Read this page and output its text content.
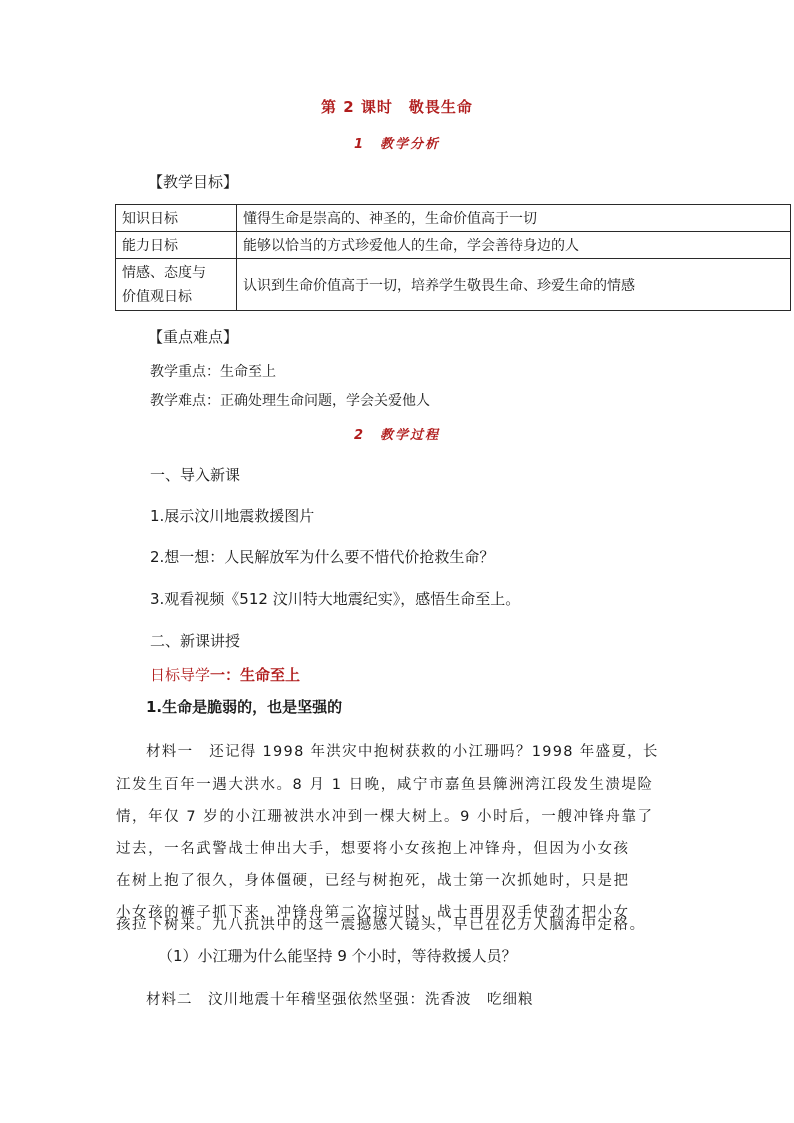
第 2 课时　敬畏生命
1　教学分析
【教学目标】
知识日标	懂得生命是崇高的、神圣的，生命价值高于一切
能力日标	能够以恰当的方式珍爱他人的生命，学会善待身边的人

情感、态度与
价值观日标	认识到生命价值高于一切，培养学生敬畏生命、珍爱生命的情感
【重点难点】
教学重点：生命至上
教学难点：正确处理生命问题，学会关爱他人
2　教学过程
一、导入新课
1.展示汶川地震救援图片
2.想一想：人民解放军为什么要不惜代价抢救生命？
3.观看视频《512 汶川特大地震纪实》，感悟生命至上。
二、新课讲授
日标导学一：生命至上
1.生命是脆弱的，也是坚强的
材料一　还记得 1998 年洪灾中抱树获救的小江珊吗？1998 年盛夏，长
江发生百年一遇大洪水。8 月 1 日晚，咸宁市嘉鱼县簰洲湾江段发生溃堤险
情，年仅 7 岁的小江珊被洪水冲到一棵大树上。9 小时后，一艘冲锋舟靠了
过去，一名武警战士伸出大手，想要将小女孩抱上冲锋舟，但因为小女孩
在树上抱了很久，身体僵硬，已经与树抱死，战士第一次抓她时，只是把
小女孩的裤子抓下来，冲锋舟第二次掠过时，战士再用双手使劲才把小女
孩拉下树来。九八抗洪中的这一震撼感人镜头，早已在亿万人脑海中定格。
（1）小江珊为什么能坚持 9 个小时，等待救援人员？
材料二　汶川地震十年稽坚强依然坚强：洗香波　吃细粮
